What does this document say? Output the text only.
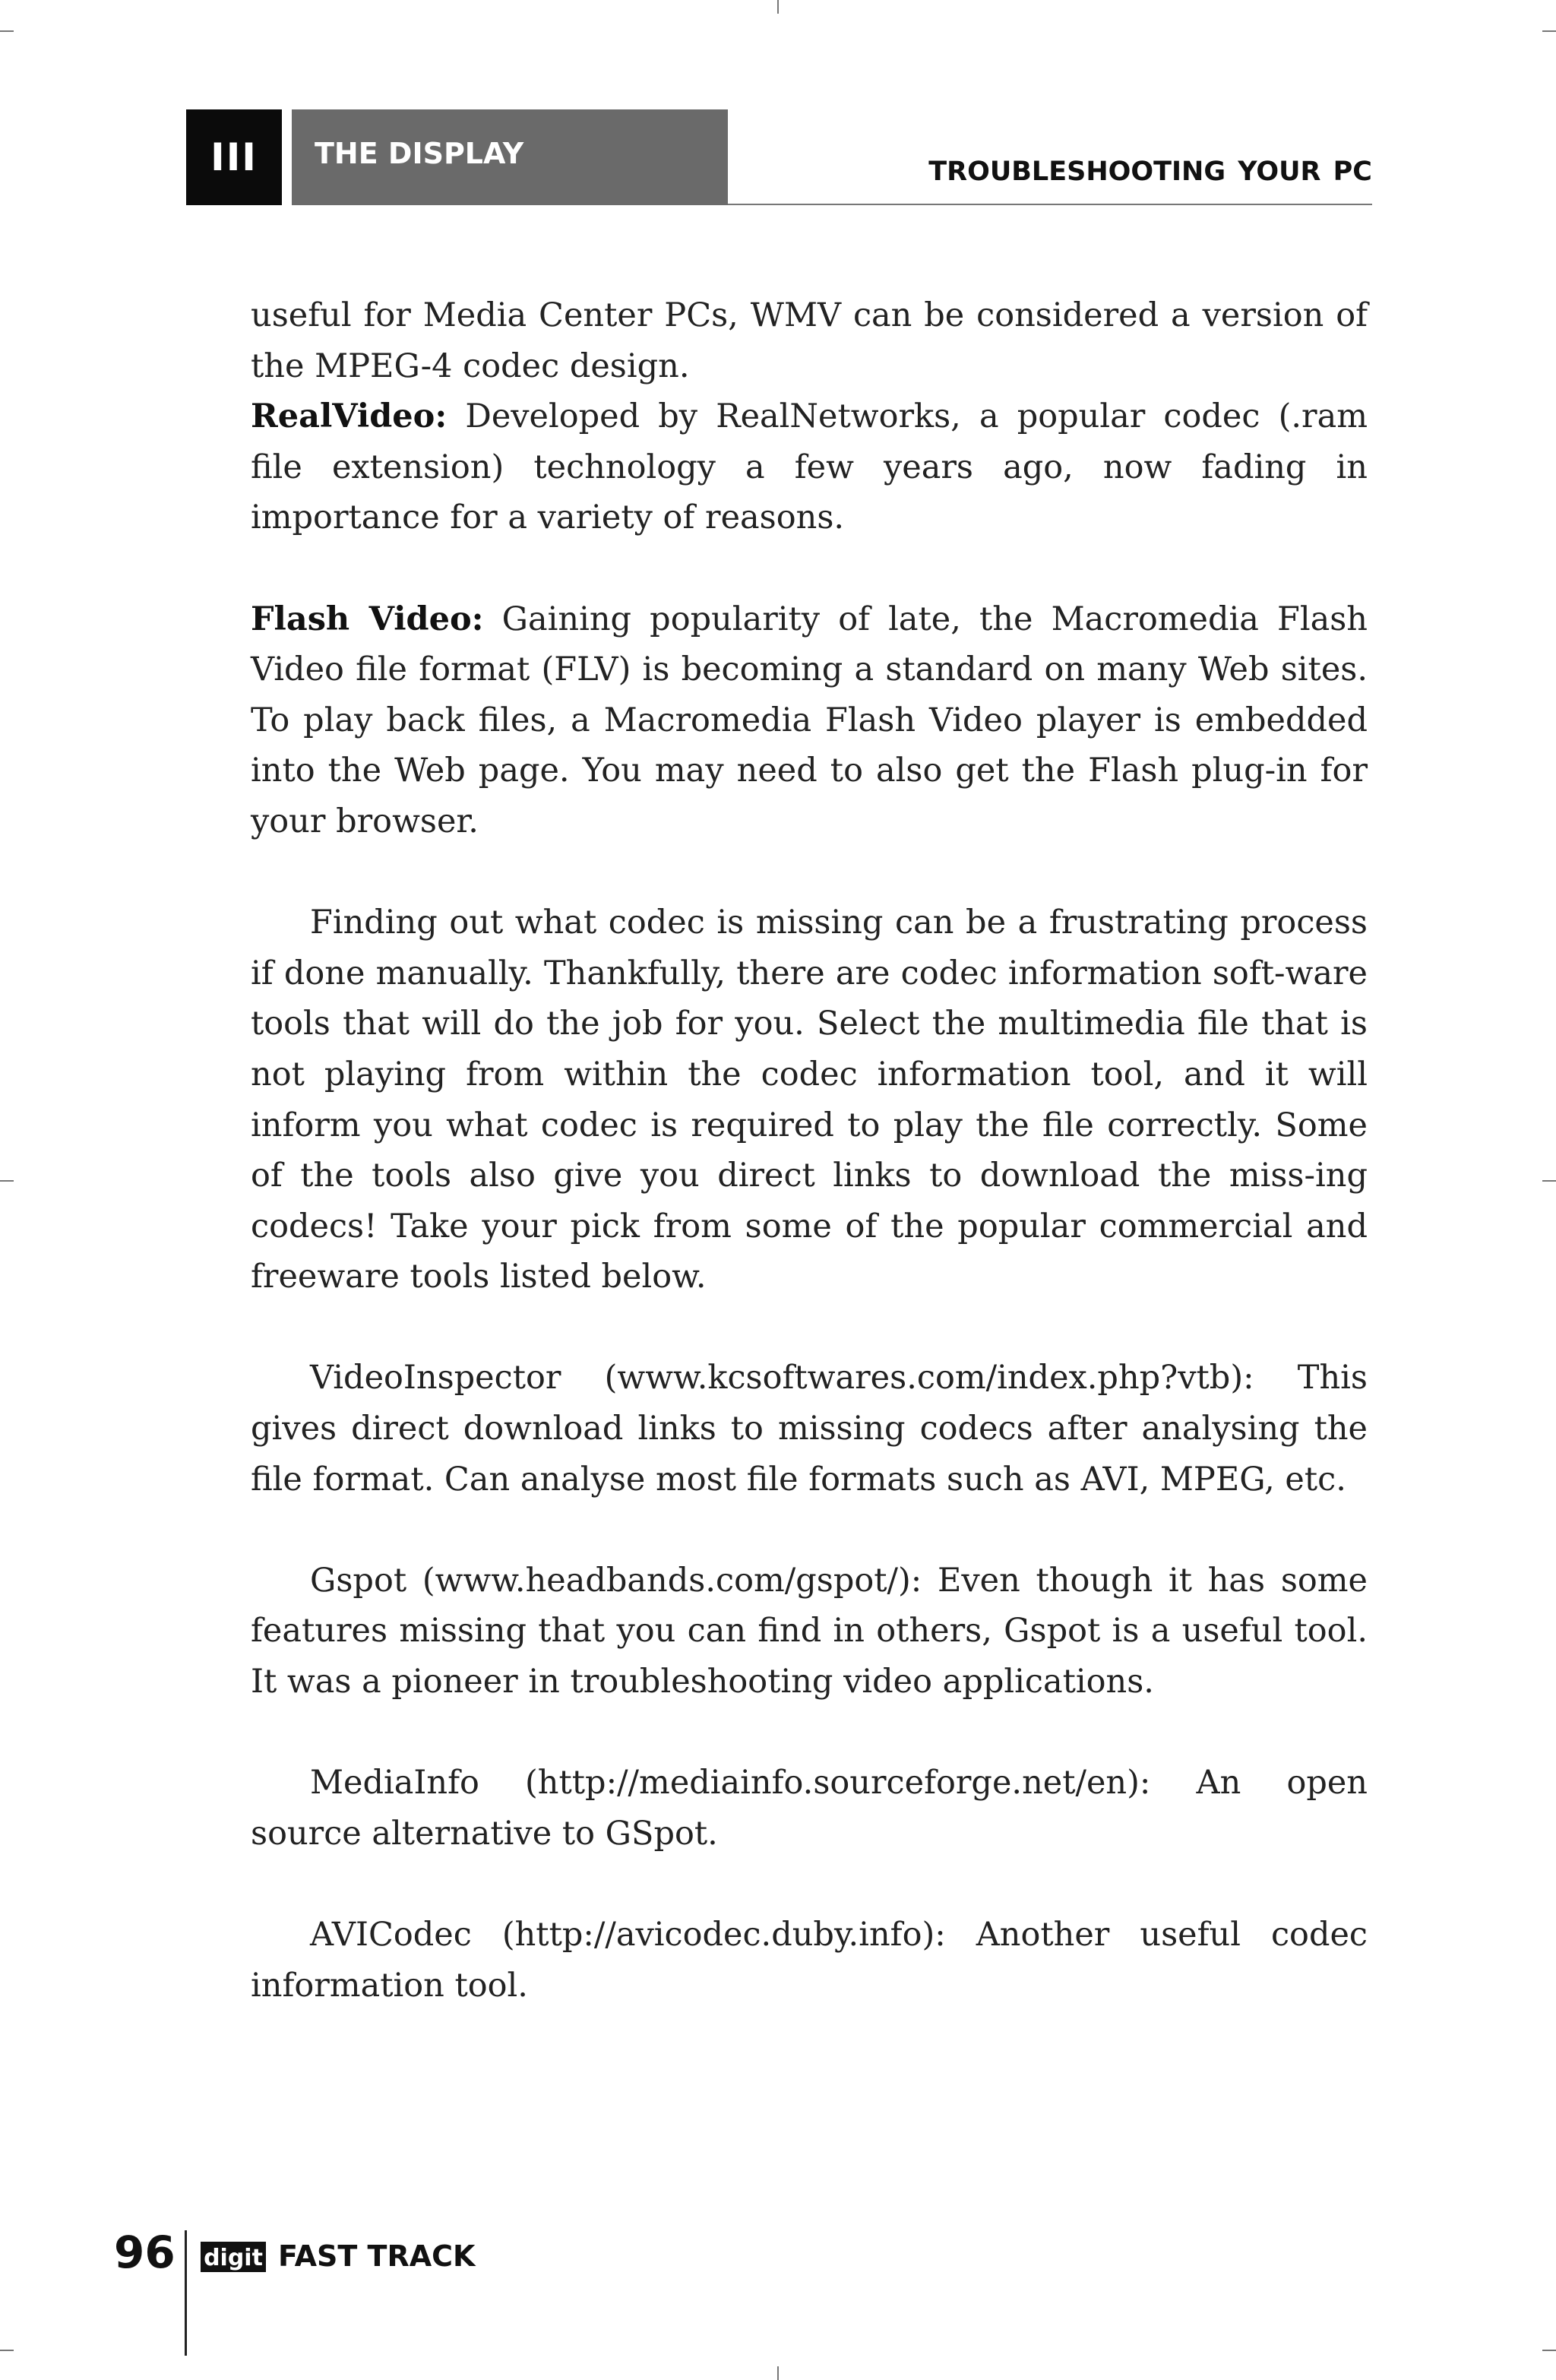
III	THE DISPLAY
TROUBLESHOOTING YOUR PC

useful for Media Center PCs, WMV can be considered a version of the MPEG-4 codec design.

RealVideo: Developed by RealNetworks, a popular codec (.ram file extension) technology a few years ago, now fading in importance for a variety of reasons.

Flash Video: Gaining popularity of late, the Macromedia Flash Video file format (FLV) is becoming a standard on many Web sites. To play back files, a Macromedia Flash Video player is embedded into the Web page. You may need to also get the Flash plug-in for your browser.

Finding out what codec is missing can be a frustrating process if done manually. Thankfully, there are codec information soft-ware tools that will do the job for you. Select the multimedia file that is not playing from within the codec information tool, and it will inform you what codec is required to play the file correctly. Some of the tools also give you direct links to download the miss-ing codecs! Take your pick from some of the popular commercial and freeware tools listed below.

VideoInspector (www.kcsoftwares.com/index.php?vtb): This gives direct download links to missing codecs after analysing the file format. Can analyse most file formats such as AVI, MPEG, etc.

Gspot (www.headbands.com/gspot/): Even though it has some features missing that you can find in others, Gspot is a useful tool. It was a pioneer in troubleshooting video applications.

MediaInfo (http://mediainfo.sourceforge.net/en): An open source alternative to GSpot.

AVICodec (http://avicodec.duby.info): Another useful codec information tool.

96 digit FAST TRACK
